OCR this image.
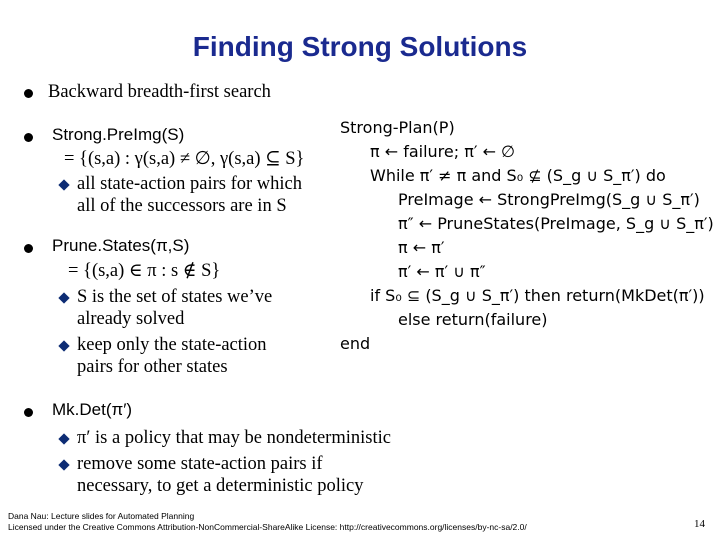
Finding Strong Solutions
Backward breadth-first search
Strong.PreImg(S)
= {(s,a) : γ(s,a) ≠ ∅, γ(s,a) ⊆ S}
all state-action pairs for which
all of the successors are in S
Prune.States(π,S)
= {(s,a) ∈ π : s ∉ S}
S is the set of states we’ve
already solved
keep only the state-action
pairs for other states
Mk.Det(π′)
π′ is a policy that may be nondeterministic
remove some state-action pairs if
necessary, to get a deterministic policy
Strong-Plan(P)
π ← failure; π′ ← ∅
While π′ ≠ π and S₀ ⊈ (S_g ∪ S_π′) do
PreImage ← StrongPreImg(S_g ∪ S_π′)
π″ ← PruneStates(PreImage, S_g ∪ S_π′)
π ← π′
π′ ← π′ ∪ π″
if S₀ ⊆ (S_g ∪ S_π′) then return(MkDet(π′))
else return(failure)
end
Dana Nau: Lecture slides for Automated Planning
Licensed under the Creative Commons Attribution-NonCommercial-ShareAlike License: http://creativecommons.org/licenses/by-nc-sa/2.0/	14
